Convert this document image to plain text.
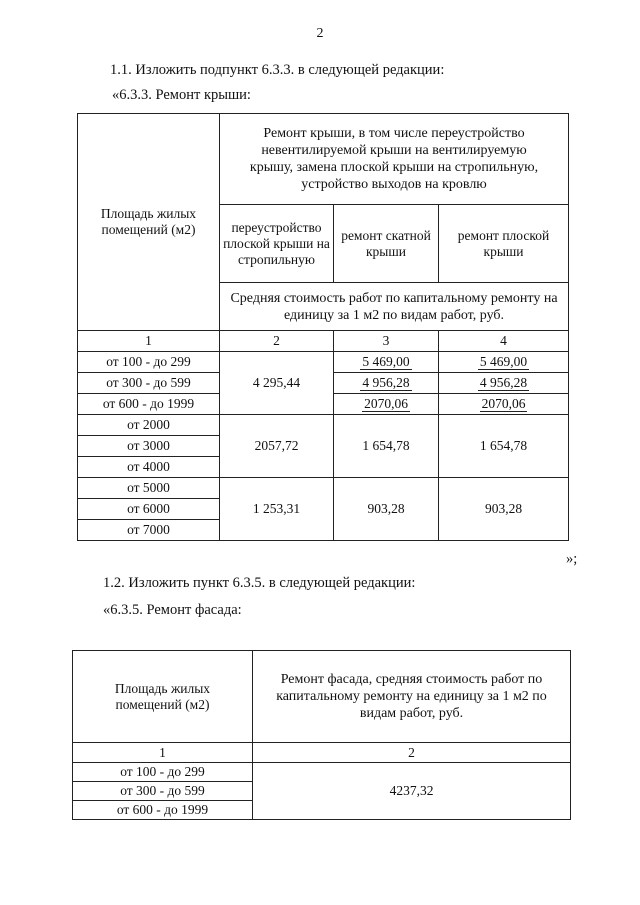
2
1.1. Изложить подпункт 6.3.3. в следующей редакции:
«6.3.3. Ремонт крыши:
Площадь жилых помещений (м2)	Ремонт крыши, в том числе переустройство невентилируемой крыши на вентилируемую крышу, замена плоской крыши на стропильную, устройство выходов на кровлю		
	переустройство плоской крыши на стропильную	ремонт скатной крыши	ремонт плоской крыши
	Средняя стоимость работ по капитальному ремонту на единицу за 1 м2 по видам работ, руб.		
1	2	3	4
от 100 - до 299	4 295,44	5 469,00	5 469,00
от 300 - до 599		4 956,28	4 956,28
от 600 - до 1999		2070,06	2070,06
от 2000	2057,72	1 654,78	1 654,78
от 3000			
от 4000			
от 5000	1 253,31	903,28	903,28
от 6000			
от 7000			
»;
1.2. Изложить пункт 6.3.5. в следующей редакции:
«6.3.5. Ремонт фасада:
Площадь жилых помещений (м2)	Ремонт фасада, средняя стоимость работ по капитальному ремонту на единицу за 1 м2 по видам работ, руб.
1	2
от 100 - до 299	4237,32
от 300 - до 599	
от 600 - до 1999	
